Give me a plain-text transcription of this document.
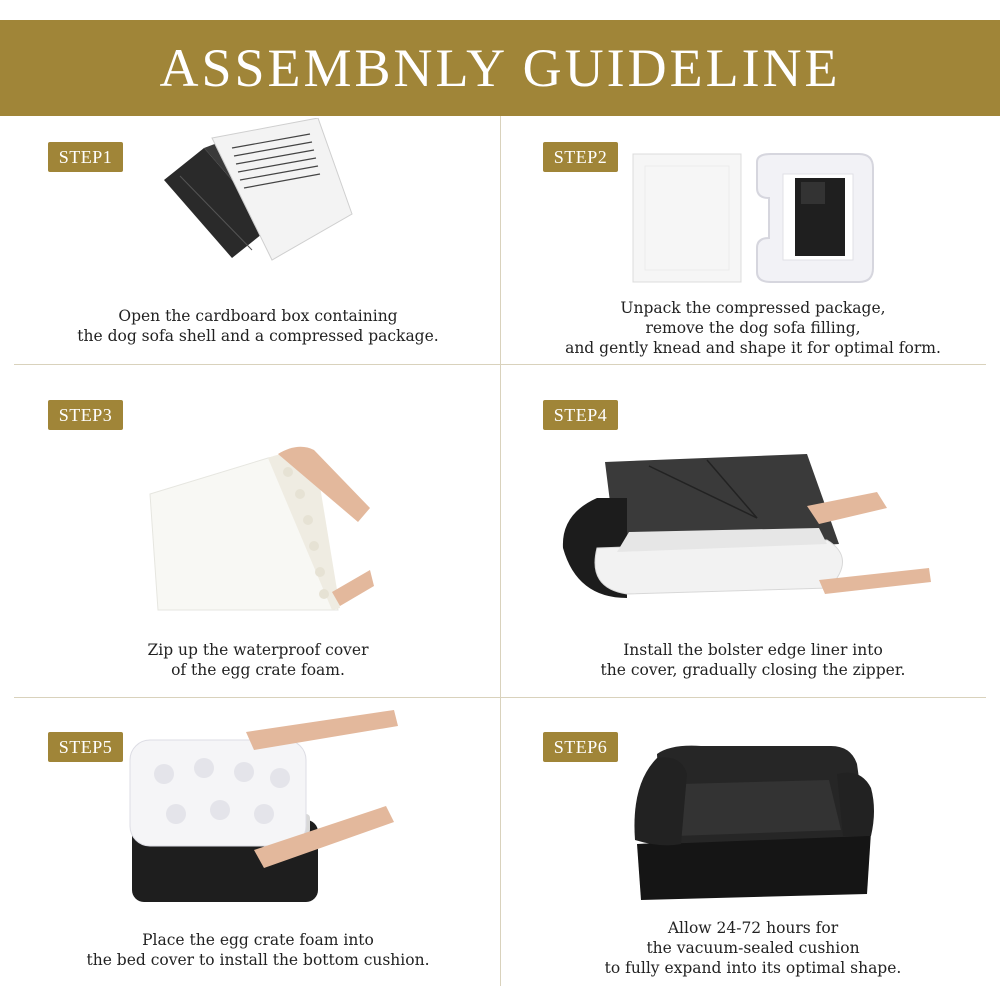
ASSEMBNLY GUIDELINE
STEP1
Open the cardboard box containing
the dog sofa shell and a compressed package.
STEP2
Unpack the compressed package,
remove the dog sofa filling,
and gently knead and shape it for optimal form.
STEP3
Zip up the waterproof cover
of the egg crate foam.
STEP4
Install the bolster edge liner into
the cover, gradually closing the zipper.
STEP5
Place the egg crate foam into
the bed cover to install the bottom cushion.
STEP6
Allow 24-72 hours for
the vacuum-sealed cushion
to fully expand into its optimal shape.
